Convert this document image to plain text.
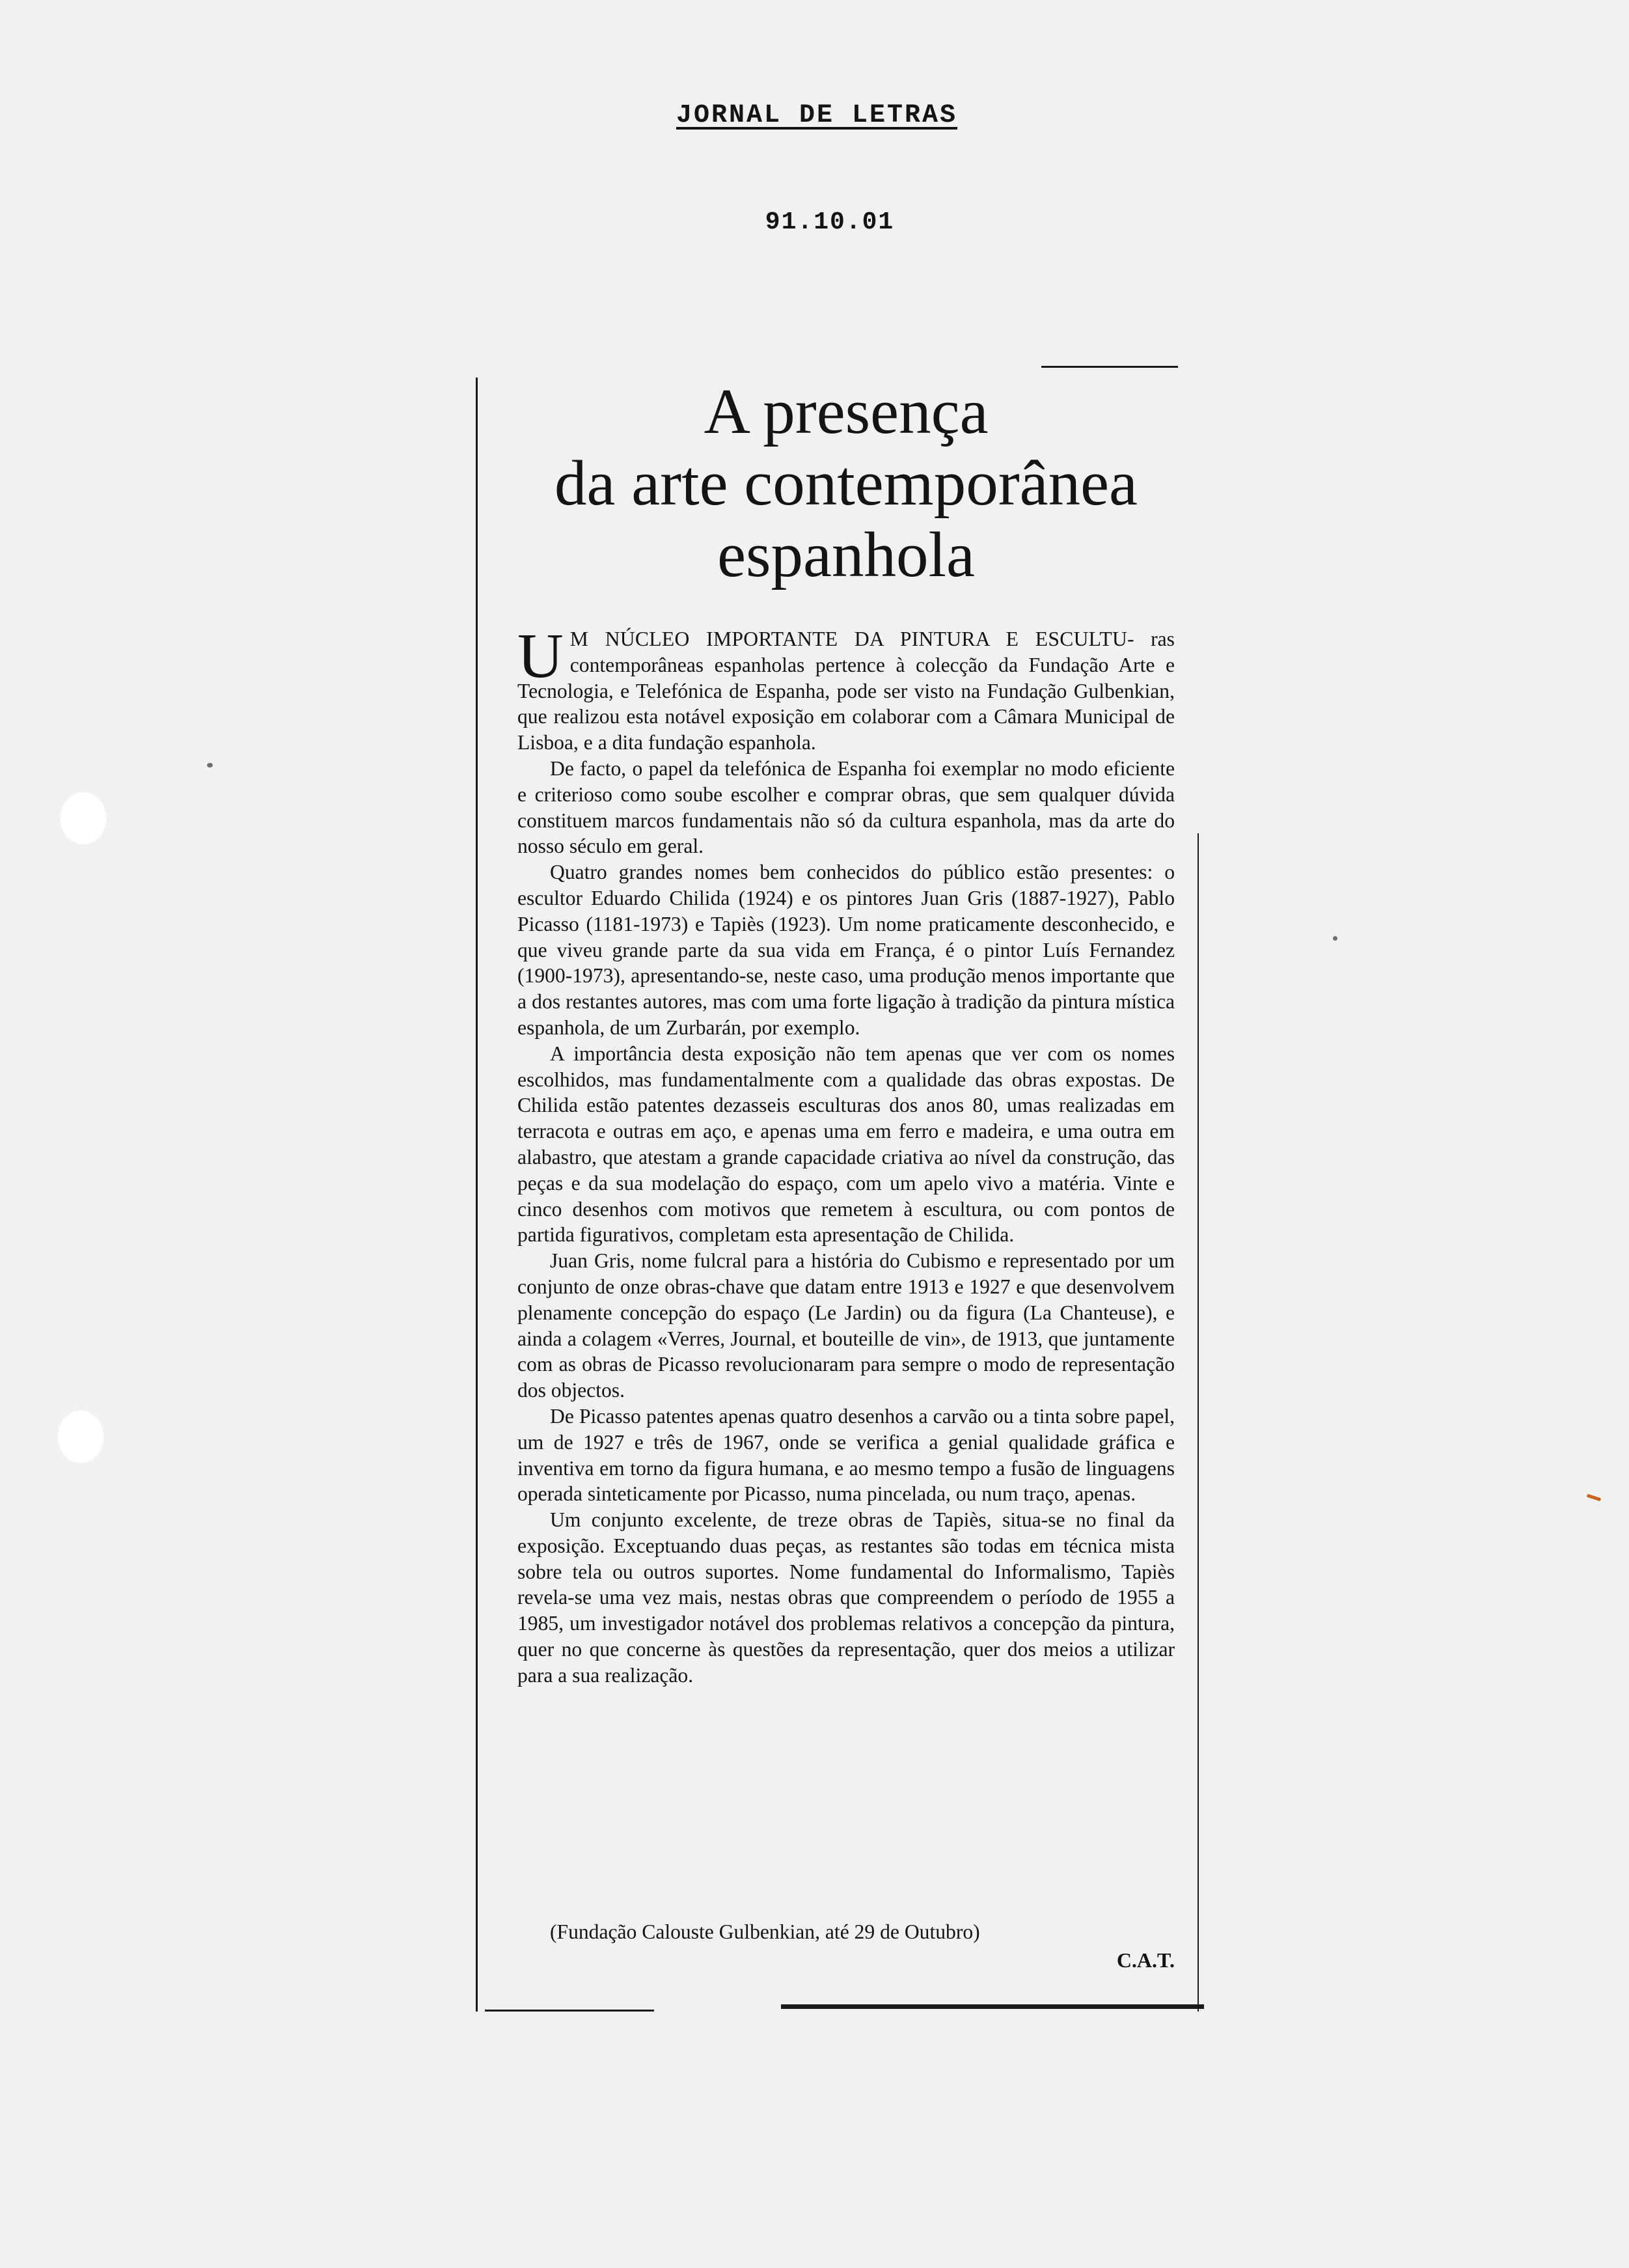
JORNAL DE LETRAS
91.10.01
A presença
da arte contemporânea
espanhola

U M NÚCLEO IMPORTANTE DA PINTURA E ESCULTU- ras contemporâneas espanholas pertence à colecção da Fundação Arte e Tecnologia, e Telefónica de Espanha, pode ser visto na Fundação Gulbenkian, que realizou esta notável exposição em colaborar com a Câmara Municipal de Lisboa, e a dita fundação espanhola.

De facto, o papel da telefónica de Espanha foi exemplar no modo eficiente e criterioso como soube escolher e comprar obras, que sem qualquer dúvida constituem marcos fundamentais não só da cultura espanhola, mas da arte do nosso século em geral.

Quatro grandes nomes bem conhecidos do público estão presentes: o escultor Eduardo Chilida (1924) e os pintores Juan Gris (1887-1927), Pablo Picasso (1181-1973) e Tapiès (1923). Um nome praticamente desconhecido, e que viveu grande parte da sua vida em França, é o pintor Luís Fernandez (1900-1973), apresentando-se, neste caso, uma produção menos importante que a dos restantes autores, mas com uma forte ligação à tradição da pintura mística espanhola, de um Zurbarán, por exemplo.

A importância desta exposição não tem apenas que ver com os nomes escolhidos, mas fundamentalmente com a qualidade das obras expostas. De Chilida estão patentes dezasseis esculturas dos anos 80, umas realizadas em terracota e outras em aço, e apenas uma em ferro e madeira, e uma outra em alabastro, que atestam a grande capacidade criativa ao nível da construção, das peças e da sua modelação do espaço, com um apelo vivo a matéria. Vinte e cinco desenhos com motivos que remetem à escultura, ou com pontos de partida figurativos, completam esta apresentação de Chilida.

Juan Gris, nome fulcral para a história do Cubismo e representado por um conjunto de onze obras-chave que datam entre 1913 e 1927 e que desenvolvem plenamente concepção do espaço (Le Jardin) ou da figura (La Chanteuse), e ainda a colagem «Verres, Journal, et bouteille de vin», de 1913, que juntamente com as obras de Picasso revolucionaram para sempre o modo de representação dos objectos.

De Picasso patentes apenas quatro desenhos a carvão ou a tinta sobre papel, um de 1927 e três de 1967, onde se verifica a genial qualidade gráfica e inventiva em torno da figura humana, e ao mesmo tempo a fusão de linguagens operada sinteticamente por Picasso, numa pincelada, ou num traço, apenas.

Um conjunto excelente, de treze obras de Tapiès, situa-se no final da exposição. Exceptuando duas peças, as restantes são todas em técnica mista sobre tela ou outros suportes. Nome fundamental do Informalismo, Tapiès revela-se uma vez mais, nestas obras que compreendem o período de 1955 a 1985, um investigador notável dos problemas relativos a concepção da pintura, quer no que concerne às questões da representação, quer dos meios a utilizar para a sua realização.

(Fundação Calouste Gulbenkian, até 29 de Outubro)
C.A.T.
